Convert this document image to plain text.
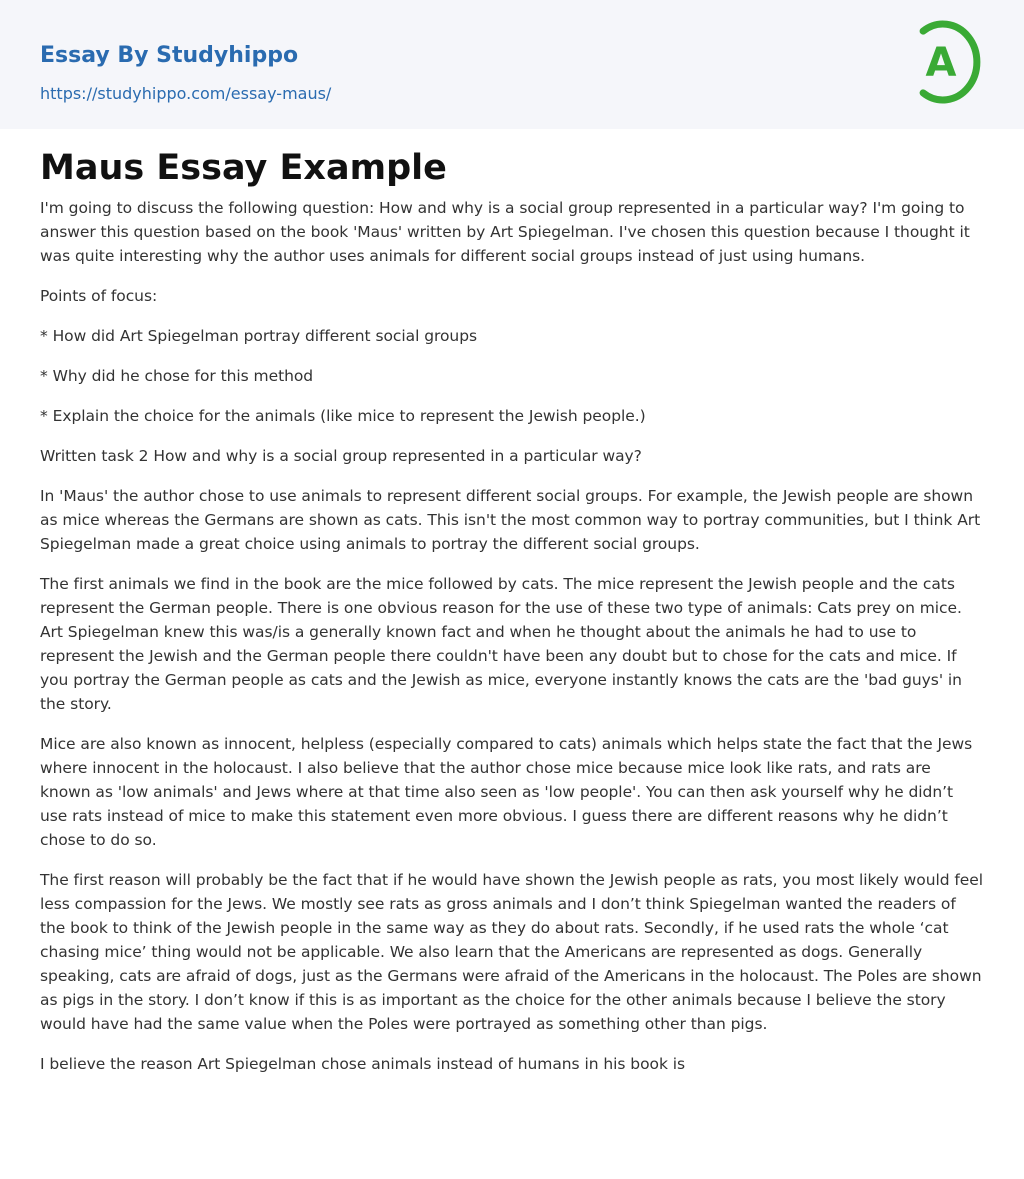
Essay By Studyhippo
https://studyhippo.com/essay-maus/
A
Maus Essay Example

I'm going to discuss the following question: How and why is a social group represented in a particular way? I'm going to answer this question based on the book 'Maus' written by Art Spiegelman. I've chosen this question because I thought it was quite interesting why the author uses animals for different social groups instead of just using humans.

Points of focus:

* How did Art Spiegelman portray different social groups

* Why did he chose for this method

* Explain the choice for the animals (like mice to represent the Jewish people.)

Written task 2 How and why is a social group represented in a particular way?

In 'Maus' the author chose to use animals to represent different social groups. For example, the Jewish people are shown as mice whereas the Germans are shown as cats. This isn't the most common way to portray communities, but I think Art Spiegelman made a great choice using animals to portray the different social groups.

The first animals we find in the book are the mice followed by cats. The mice represent the Jewish people and the cats represent the German people. There is one obvious reason for the use of these two type of animals: Cats prey on mice. Art Spiegelman knew this was/is a generally known fact and when he thought about the animals he had to use to represent the Jewish and the German people there couldn't have been any doubt but to chose for the cats and mice. If you portray the German people as cats and the Jewish as mice, everyone instantly knows the cats are the 'bad guys' in the story.

Mice are also known as innocent, helpless (especially compared to cats) animals which helps state the fact that the Jews where innocent in the holocaust. I also believe that the author chose mice because mice look like rats, and rats are known as 'low animals' and Jews where at that time also seen as 'low people'. You can then ask yourself why he didn’t use rats instead of mice to make this statement even more obvious. I guess there are different reasons why he didn’t chose to do so.

The first reason will probably be the fact that if he would have shown the Jewish people as rats, you most likely would feel less compassion for the Jews. We mostly see rats as gross animals and I don’t think Spiegelman wanted the readers of the book to think of the Jewish people in the same way as they do about rats. Secondly, if he used rats the whole ‘cat chasing mice’ thing would not be applicable. We also learn that the Americans are represented as dogs. Generally speaking, cats are afraid of dogs, just as the Germans were afraid of the Americans in the holocaust. The Poles are shown as pigs in the story. I don’t know if this is as important as the choice for the other animals because I believe the story would have had the same value when the Poles were portrayed as something other than pigs.

I believe the reason Art Spiegelman chose animals instead of humans in his book is
